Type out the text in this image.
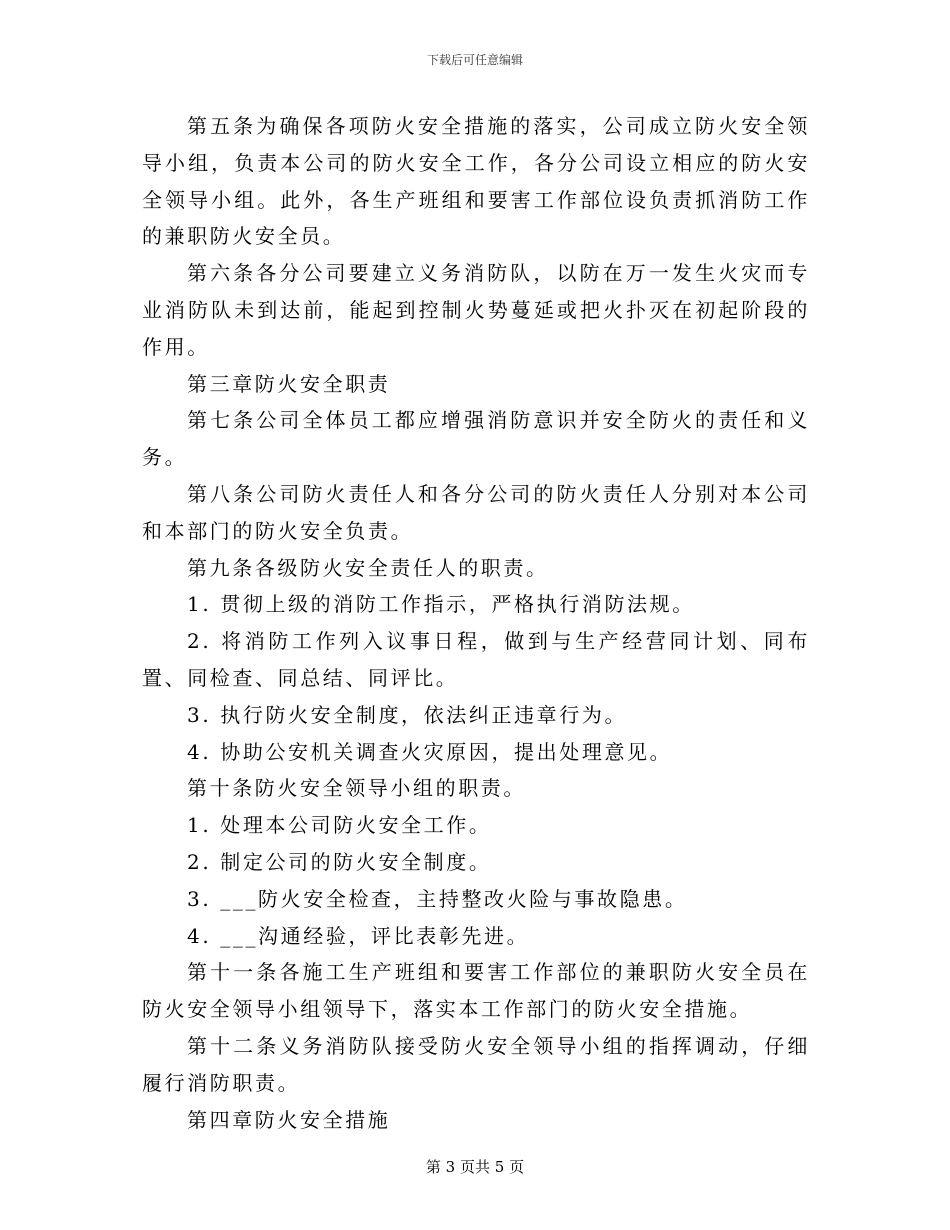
下载后可任意编辑

第五条为确保各项防火安全措施的落实，公司成立防火安全领导小组，负责本公司的防火安全工作，各分公司设立相应的防火安全领导小组。此外，各生产班组和要害工作部位设负责抓消防工作的兼职防火安全员。

第六条各分公司要建立义务消防队，以防在万一发生火灾而专业消防队未到达前，能起到控制火势蔓延或把火扑灭在初起阶段的作用。

第三章防火安全职责

第七条公司全体员工都应增强消防意识并安全防火的责任和义务。

第八条公司防火责任人和各分公司的防火责任人分别对本公司和本部门的防火安全负责。

第九条各级防火安全责任人的职责。

1. 贯彻上级的消防工作指示，严格执行消防法规。

2. 将消防工作列入议事日程，做到与生产经营同计划、同布置、同检查、同总结、同评比。

3. 执行防火安全制度，依法纠正违章行为。

4. 协助公安机关调查火灾原因，提出处理意见。

第十条防火安全领导小组的职责。

1. 处理本公司防火安全工作。

2. 制定公司的防火安全制度。

3. ___防火安全检查，主持整改火险与事故隐患。

4. ___沟通经验，评比表彰先进。

第十一条各施工生产班组和要害工作部位的兼职防火安全员在防火安全领导小组领导下，落实本工作部门的防火安全措施。

第十二条义务消防队接受防火安全领导小组的指挥调动，仔细履行消防职责。

第四章防火安全措施

第 3 页共 5 页
